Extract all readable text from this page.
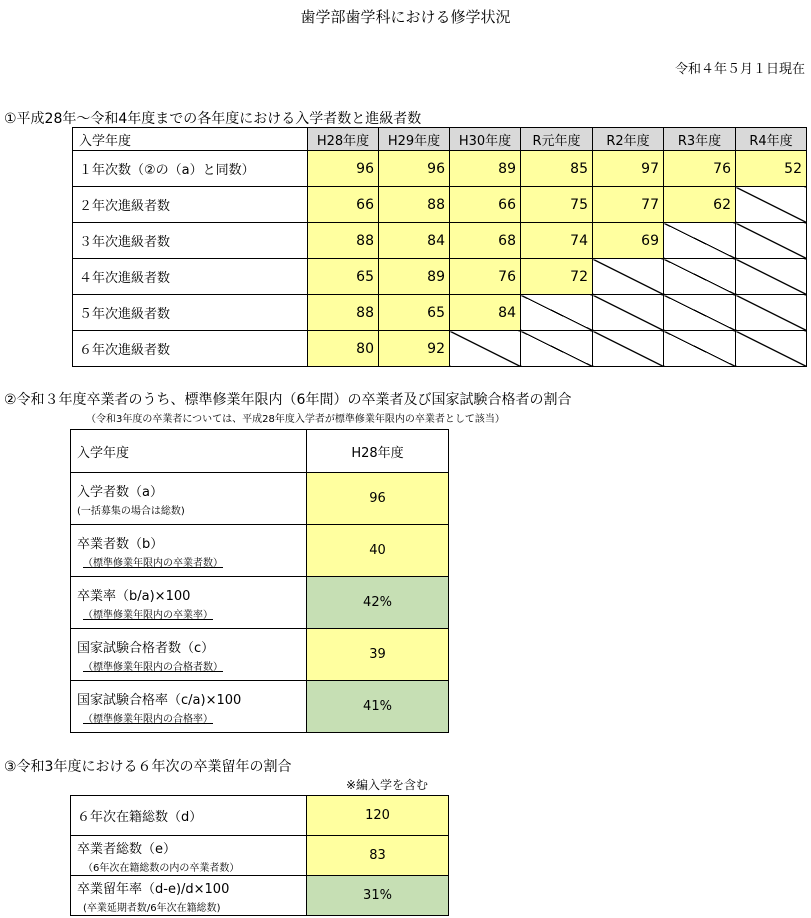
歯学部歯学科における修学状況
令和４年５月１日現在
①平成28年～令和4年度までの各年度における入学者数と進級者数
入学年度	H28年度	H29年度	H30年度	R元年度	R2年度	R3年度	R4年度
１年次数（②の（a）と同数）	96	96	89	85	97	76	52
２年次進級者数	66	88	66	75	77	62	
３年次進級者数	88	84	68	74	69		
４年次進級者数	65	89	76	72			
５年次進級者数	88	65	84				
６年次進級者数	80	92					
②令和３年度卒業者のうち、標準修業年限内（6年間）の卒業者及び国家試験合格者の割合
（令和3年度の卒業者については、平成28年度入学者が標準修業年限内の卒業者として該当）
入学年度	H28年度

入学者数（a）
(一括募集の場合は総数)	96

卒業者数（b）
（標準修業年限内の卒業者数）	40

卒業率（b/a)×100
（標準修業年限内の卒業率）	42%

国家試験合格者数（c）
（標準修業年限内の合格者数）	39

国家試験合格率（c/a)×100
（標準修業年限内の合格率）	41%
③令和3年度における６年次の卒業留年の割合
※編入学を含む
６年次在籍総数（d）	120

卒業者総数（e）
（6年次在籍総数の内の卒業者数）	83

卒業留年率（d-e)/d×100
(卒業延期者数/6年次在籍総数)	31%
